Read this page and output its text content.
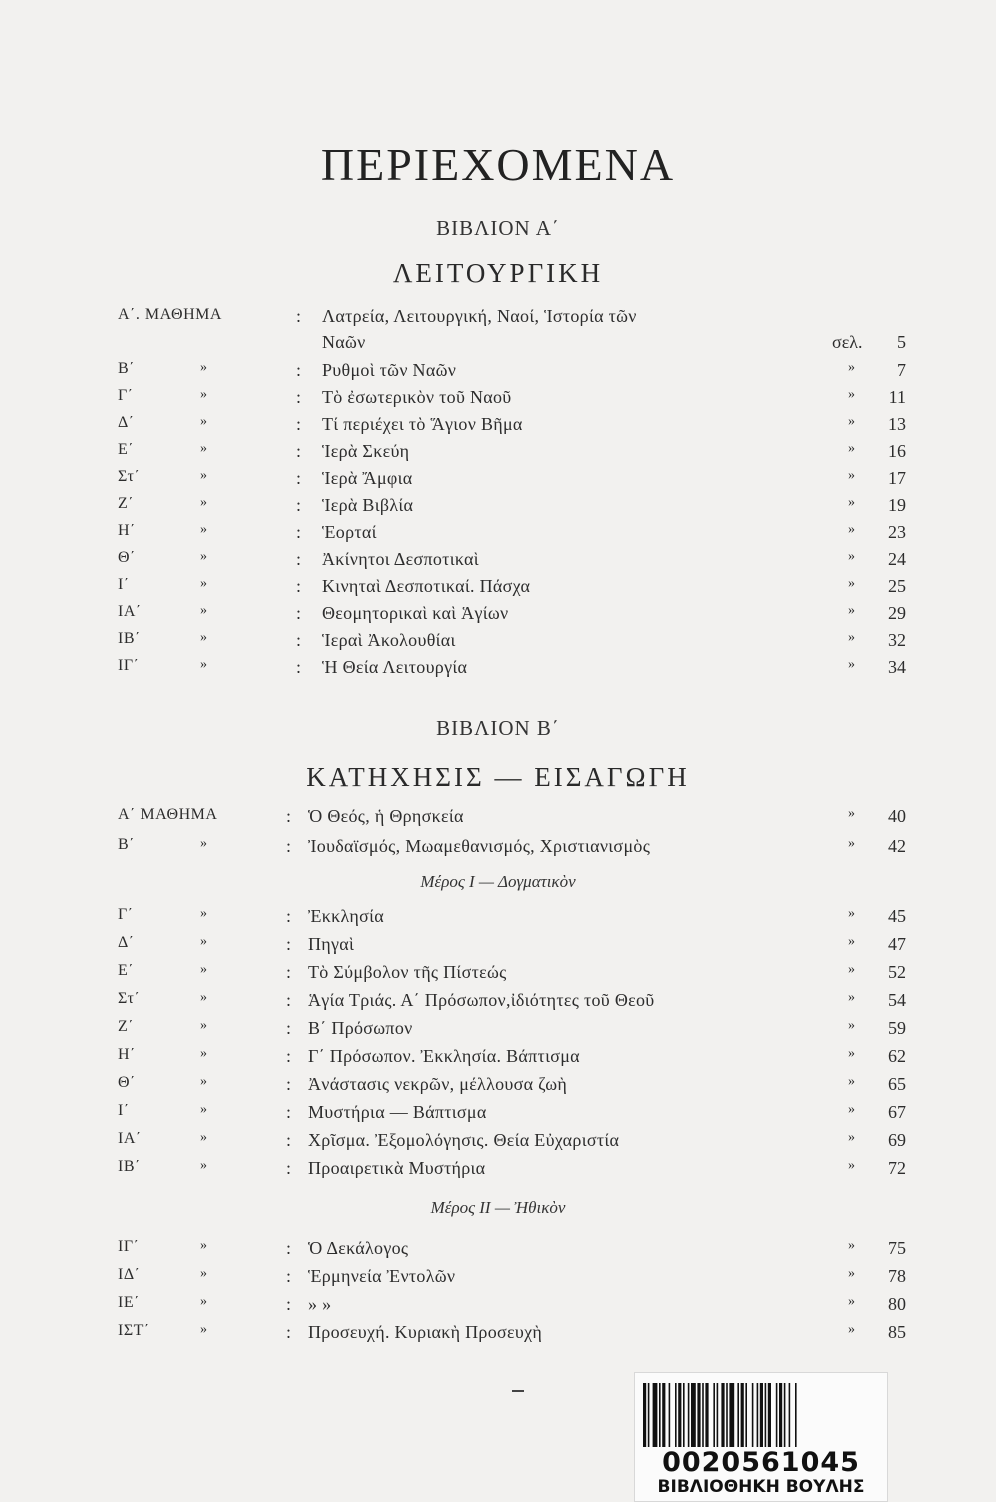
ΠΕΡΙΕΧΟΜΕΝΑ
ΒΙΒΛΙΟΝ Α΄
ΛΕΙΤΟΥΡΓΙΚΗ
Α΄. ΜΑΘΗΜΑ	: Λατρεία, Λειτουργική, Ναοί, Ἱστορία τῶν
Ναῶν	σελ. 5
Β΄	»	: Ρυθμοὶ τῶν Ναῶν	» 7
Γ΄	»	: Τὸ ἐσωτερικὸν τοῦ Ναοῦ	» 11
Δ΄	»	: Τί περιέχει τὸ Ἅγιον Βῆμα	» 13
Ε΄	»	: Ἱερὰ Σκεύη	» 16
Στ΄	»	: Ἱερὰ Ἄμφια	» 17
Ζ΄	»	: Ἱερὰ Βιβλία	» 19
Η΄	»	: Ἑορταί	» 23
Θ΄	»	: Ἀκίνητοι Δεσποτικαὶ	» 24
Ι΄	»	: Κινηταὶ Δεσποτικαί. Πάσχα	» 25
ΙΑ΄	»	: Θεομητορικαὶ καὶ Ἁγίων	» 29
ΙΒ΄	»	: Ἱεραὶ Ἀκολουθίαι	» 32
ΙΓ΄	»	: Ἡ Θεία Λειτουργία	» 34
ΒΙΒΛΙΟΝ Β΄
ΚΑΤΗΧΗΣΙΣ — ΕΙΣΑΓΩΓΗ
Α΄ ΜΑΘΗΜΑ	: Ὁ Θεός, ἡ Θρησκεία	» 40
Β΄	»	: Ἰουδαϊσμός, Μωαμεθανισμός, Χριστιανισμὸς	» 42
Μέρος Ι — Δογματικὸν
Γ΄	»	: Ἐκκλησία	» 45
Δ΄	»	: Πηγαὶ	» 47
Ε΄	»	: Τὸ Σύμβολον τῆς Πίστεώς	» 52
Στ΄	»	: Ἁγία Τριάς. Α΄ Πρόσωπον,ἰδιότητες τοῦ Θεοῦ	» 54
Ζ΄	»	: Β΄ Πρόσωπον	» 59
Η΄	»	: Γ΄ Πρόσωπον. Ἐκκλησία. Βάπτισμα	» 62
Θ΄	»	: Ἀνάστασις νεκρῶν, μέλλουσα ζωὴ	» 65
Ι΄	»	: Μυστήρια — Βάπτισμα	» 67
ΙΑ΄	»	: Χρῖσμα. Ἐξομολόγησις. Θεία Εὐχαριστία	» 69
ΙΒ΄	»	: Προαιρετικὰ Μυστήρια	» 72
Μέρος ΙΙ — Ἠθικὸν
ΙΓ΄	»	: Ὁ Δεκάλογος	» 75
ΙΔ΄	»	: Ἑρμηνεία Ἐντολῶν	» 78
ΙΕ΄	»	: » »	» 80
ΙΣΤ΄	»	: Προσευχή. Κυριακὴ Προσευχὴ	» 85
0020561045
ΒΙΒΛΙΟΘΗΚΗ ΒΟΥΛΗΣ
